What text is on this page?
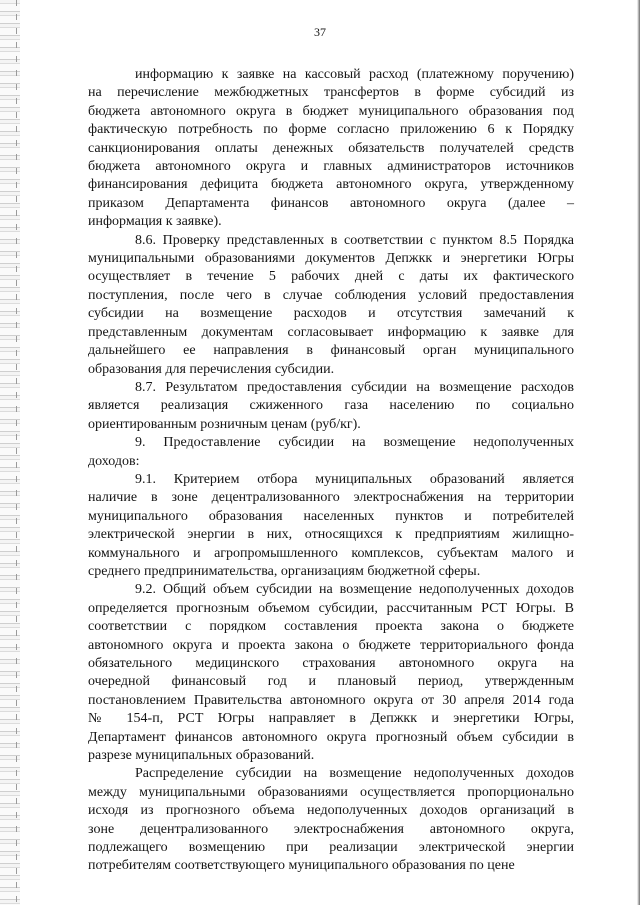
37

информацию к заявке на кассовый расход (платежному поручению)

на перечисление межбюджетных трансфертов в форме субсидий из

бюджета автономного округа в бюджет муниципального образования под

фактическую потребность по форме согласно приложению 6 к Порядку

санкционирования оплаты денежных обязательств получателей средств

бюджета автономного округа и главных администраторов источников

финансирования дефицита бюджета автономного округа, утвержденному

приказом Департамента финансов автономного округа (далее –

информация к заявке).

8.6. Проверку представленных в соответствии с пунктом 8.5 Порядка

муниципальными образованиями документов Депжкк и энергетики Югры

осуществляет в течение 5 рабочих дней с даты их фактического

поступления, после чего в случае соблюдения условий предоставления

субсидии на возмещение расходов и отсутствия замечаний к

представленным документам согласовывает информацию к заявке для

дальнейшего ее направления в финансовый орган муниципального

образования для перечисления субсидии.

8.7. Результатом предоставления субсидии на возмещение расходов

является реализация сжиженного газа населению по социально

ориентированным розничным ценам (руб/кг).

9. Предоставление субсидии на возмещение недополученных

доходов:

9.1. Критерием отбора муниципальных образований является

наличие в зоне децентрализованного электроснабжения на территории

муниципального образования населенных пунктов и потребителей

электрической энергии в них, относящихся к предприятиям жилищно-

коммунального и агропромышленного комплексов, субъектам малого и

среднего предпринимательства, организациям бюджетной сферы.

9.2. Общий объем субсидии на возмещение недополученных доходов

определяется прогнозным объемом субсидии, рассчитанным РСТ Югры. В

соответствии с порядком составления проекта закона о бюджете

автономного округа и проекта закона о бюджете территориального фонда

обязательного медицинского страхования автономного округа на

очередной финансовый год и плановый период, утвержденным

постановлением Правительства автономного округа от 30 апреля 2014 года

№ 154-п, РСТ Югры направляет в Депжкк и энергетики Югры,

Департамент финансов автономного округа прогнозный объем субсидии в

разрезе муниципальных образований.

Распределение субсидии на возмещение недополученных доходов

между муниципальными образованиями осуществляется пропорционально

исходя из прогнозного объема недополученных доходов организаций в

зоне децентрализованного электроснабжения автономного округа,

подлежащего возмещению при реализации электрической энергии

потребителям соответствующего муниципального образования по цене
